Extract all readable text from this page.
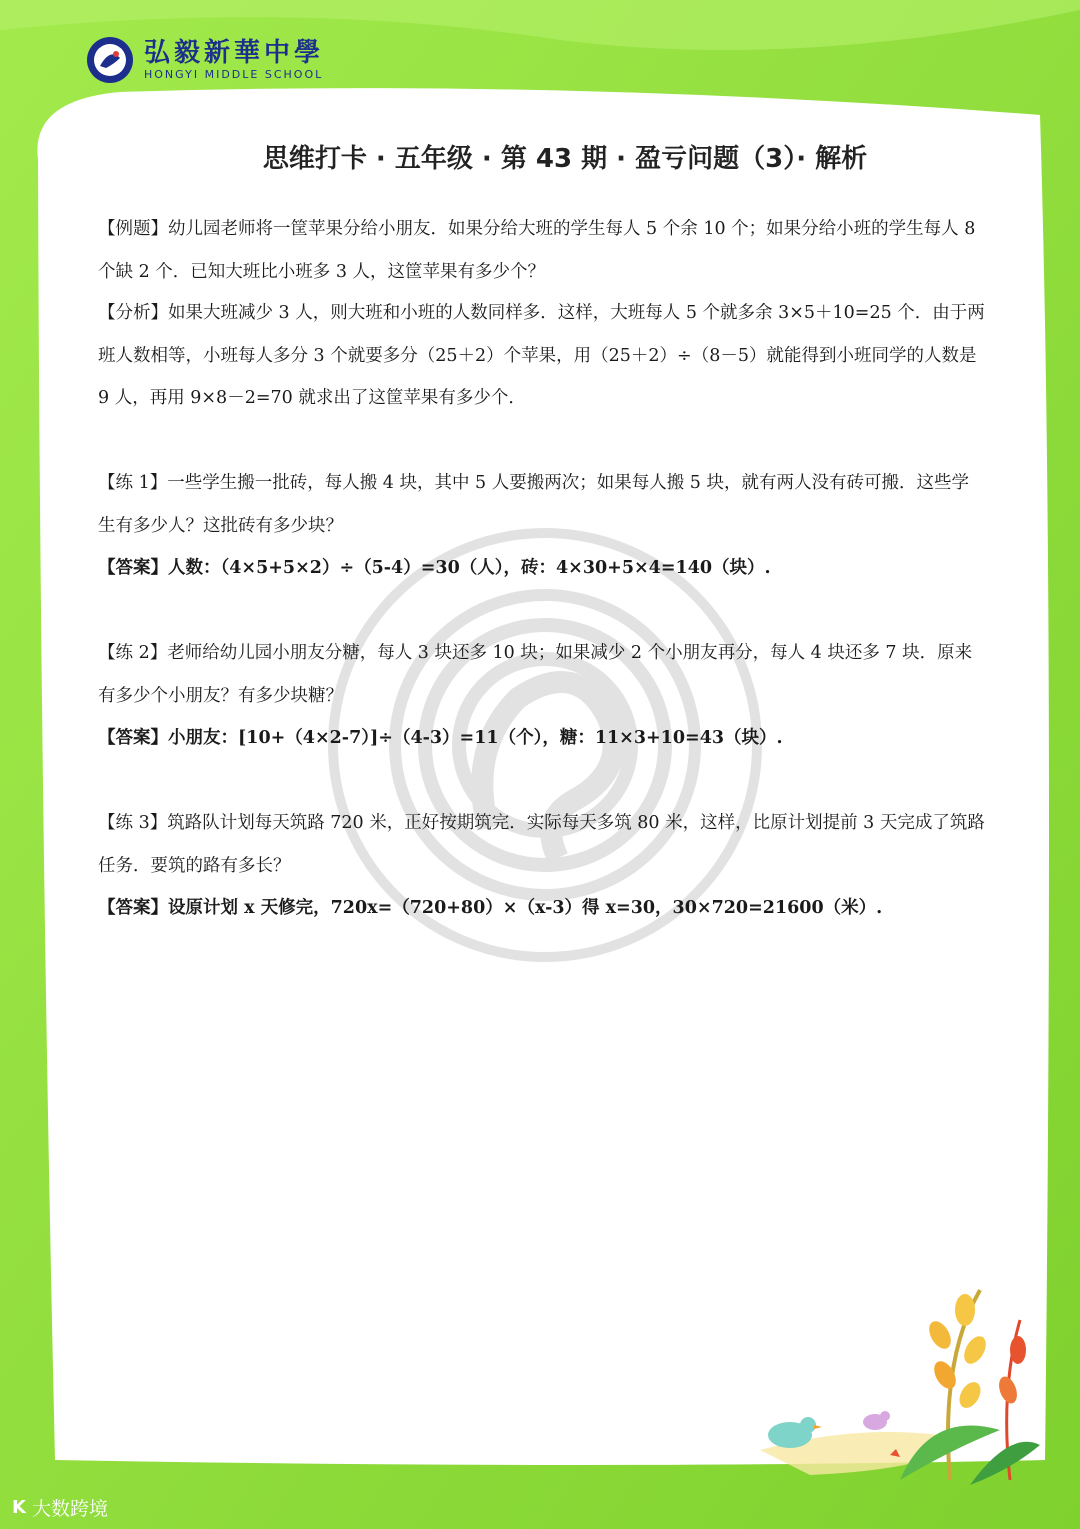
弘毅新華中學
HONGYI MIDDLE SCHOOL
思维打卡 · 五年级 · 第 43 期 · 盈亏问题（3）· 解析
【例题】幼儿园老师将一筐苹果分给小朋友．如果分给大班的学生每人 5 个余 10 个；如果分给小班的学生每人 8 个缺 2 个．已知大班比小班多 3 人，这筐苹果有多少个？
【分析】如果大班减少 3 人，则大班和小班的人数同样多．这样，大班每人 5 个就多余 3×5＋10=25 个．由于两班人数相等，小班每人多分 3 个就要多分（25＋2）个苹果，用（25＋2）÷（8－5）就能得到小班同学的人数是 9 人，再用 9×8－2=70 就求出了这筐苹果有多少个．
【练 1】一些学生搬一批砖，每人搬 4 块，其中 5 人要搬两次；如果每人搬 5 块，就有两人没有砖可搬．这些学生有多少人？这批砖有多少块？
【答案】人数：（4×5+5×2）÷（5-4）=30（人），砖：4×30+5×4=140（块）.
【练 2】老师给幼儿园小朋友分糖，每人 3 块还多 10 块；如果减少 2 个小朋友再分，每人 4 块还多 7 块．原来有多少个小朋友？有多少块糖？
【答案】小朋友：[10+（4×2-7）]÷（4-3）=11（个），糖：11×3+10=43（块）.
【练 3】筑路队计划每天筑路 720 米，正好按期筑完．实际每天多筑 80 米，这样，比原计划提前 3 天完成了筑路任务．要筑的路有多长？
【答案】设原计划 x 天修完，720x=（720+80）×（x-3）得 x=30，30×720=21600（米）.
K 大数跨境
